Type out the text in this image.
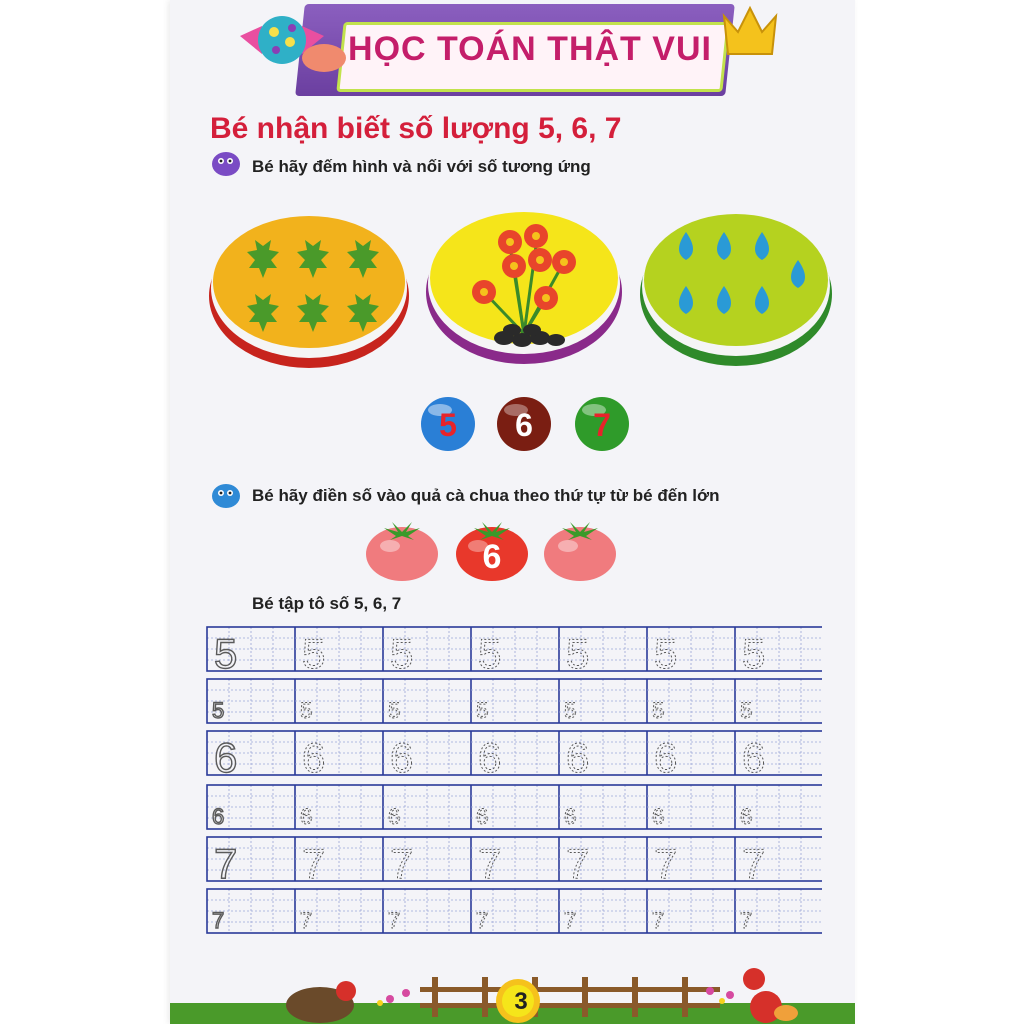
HỌC TOÁN THẬT VUI
Bé nhận biết số lượng 5, 6, 7
Bé hãy đếm hình và nối với số tương ứng
5 6 7
Bé hãy điền số vào quả cà chua theo thứ tự từ bé đến lớn
6
Bé tập tô số 5, 6, 7
5 5 5 5 5 5 5
5	5	5	5	5	5	5
6 6 6 6 6 6 6
6	6	6	6	6	6	6
7 7 7 7 7 7 7
7	7	7	7	7	7	7
3
